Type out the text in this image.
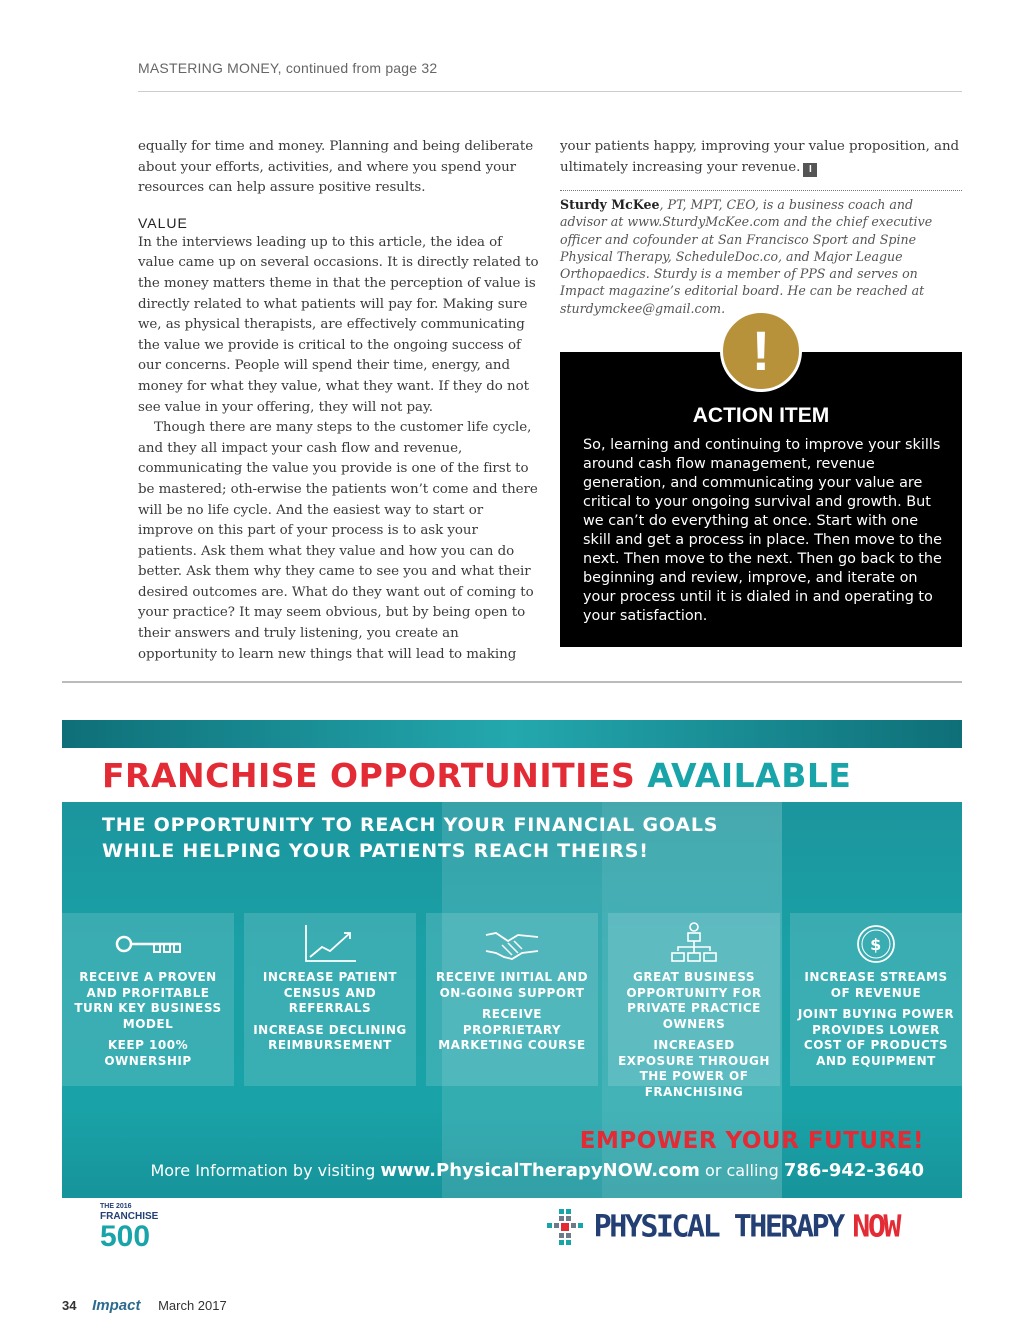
MASTERING MONEY, continued from page 32

equally for time and money. Planning and being deliberate about your efforts, activities, and where you spend your resources can help assure positive results.

VALUE

In the interviews leading up to this article, the idea of value came up on several occasions. It is directly related to the money matters theme in that the perception of value is directly related to what patients will pay for. Making sure we, as physical therapists, are effectively communicating the value we provide is critical to the ongoing success of our concerns. People will spend their time, energy, and money for what they value, what they want. If they do not see value in your offering, they will not pay.

Though there are many steps to the customer life cycle, and they all impact your cash flow and revenue, communicating the value you provide is one of the first to be mastered; oth-erwise the patients won’t come and there will be no life cycle. And the easiest way to start or improve on this part of your process is to ask your patients. Ask them what they value and how you can do better. Ask them why they came to see you and what their desired outcomes are. What do they want out of coming to your practice? It may seem obvious, but by being open to their answers and truly listening, you create an opportunity to learn new things that will lead to making

your patients happy, improving your value proposition, and ultimately increasing your revenue. I
Sturdy McKee, PT, MPT, CEO, is a business coach and advisor at www.SturdyMcKee.com and the chief executive officer and cofounder at San Francisco Sport and Spine Physical Therapy, ScheduleDoc.co, and Major League Orthopaedics. Sturdy is a member of PPS and serves on Impact magazine’s editorial board. He can be reached at sturdymckee@gmail.com.
!
ACTION ITEM
So, learning and continuing to improve your skills around cash flow management, revenue generation, and communicating your value are critical to your ongoing survival and growth. But we can’t do everything at once. Start with one skill and get a process in place. Then move to the next. Then move to the next. Then go back to the beginning and review, improve, and iterate on your process until it is dialed in and operating to your satisfaction.
FRANCHISE OPPORTUNITIES AVAILABLE
THE OPPORTUNITY TO REACH YOUR FINANCIAL GOALS
WHILE HELPING YOUR PATIENTS REACH THEIRS!

RECEIVE A PROVEN AND PROFITABLE TURN KEY BUSINESS MODEL

KEEP 100% OWNERSHIP

INCREASE PATIENT CENSUS AND REFERRALS

INCREASE DECLINING REIMBURSEMENT

RECEIVE INITIAL AND ON-GOING SUPPORT

RECEIVE PROPRIETARY MARKETING COURSE

GREAT BUSINESS OPPORTUNITY FOR PRIVATE PRACTICE OWNERS

INCREASED EXPOSURE THROUGH THE POWER OF FRANCHISING

$

INCREASE STREAMS OF REVENUE

JOINT BUYING POWER PROVIDES LOWER COST OF PRODUCTS AND EQUIPMENT

EMPOWER YOUR FUTURE!
More Information by visiting www.PhysicalTherapyNOW.com or calling 786-942-3640
THE 2016
FRANCHISE
500	PHYSICAL THERAPY NOW
34 Impact March 2017
